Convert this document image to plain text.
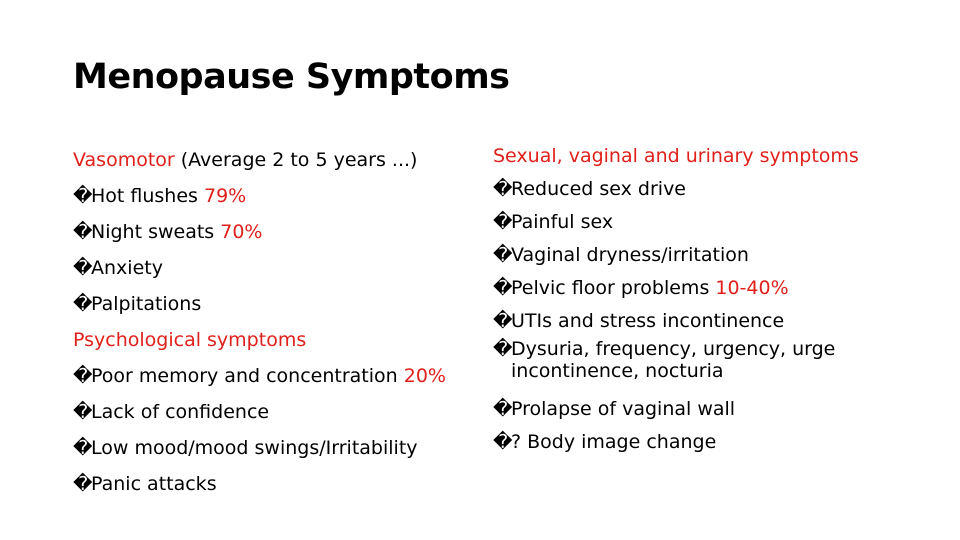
Menopause Symptoms
Vasomotor (Average 2 to 5 years ...)
�Hot flushes 79%
�Night sweats 70%
�Anxiety
�Palpitations
Psychological symptoms
�Poor memory and concentration 20%
�Lack of confidence
�Low mood/mood swings/Irritability
�Panic attacks
Sexual, vaginal and urinary symptoms
�Reduced sex drive
�Painful sex
�Vaginal dryness/irritation
�Pelvic floor problems 10-40%
�UTIs and stress incontinence
�Dysuria, frequency, urgency, urge
incontinence, nocturia
�Prolapse of vaginal wall
�? Body image change
